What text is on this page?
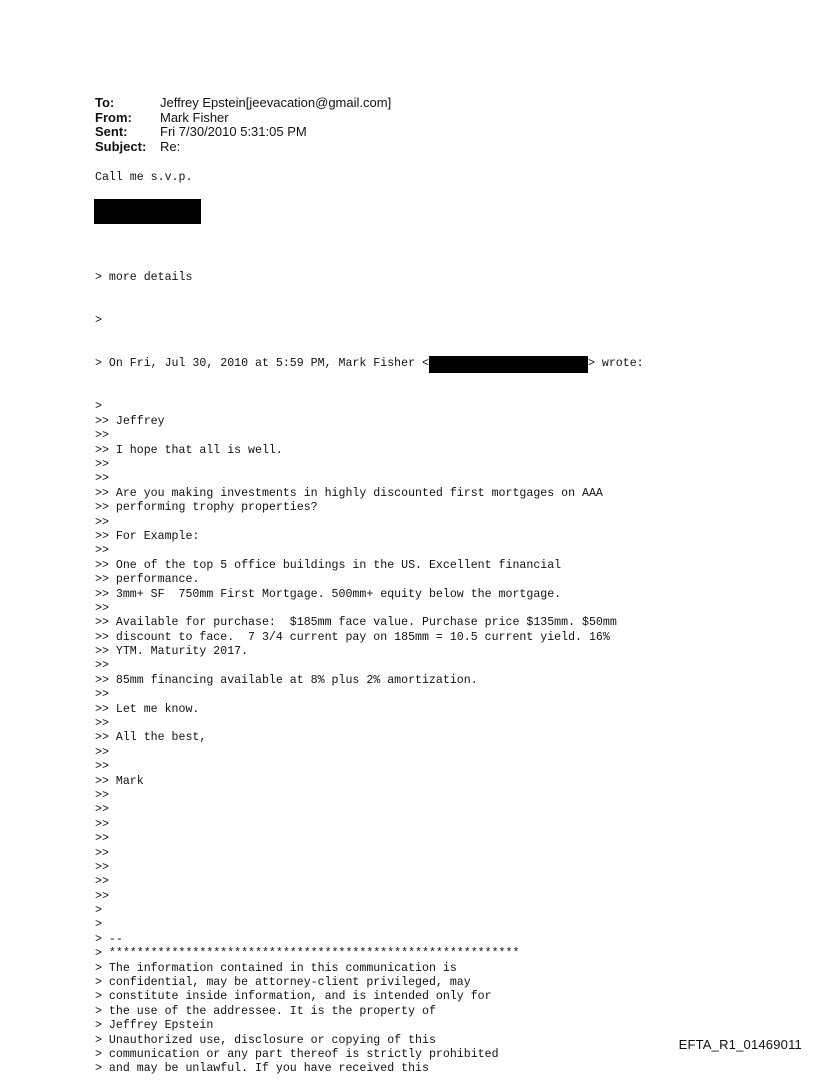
To:	Jeffrey Epstein[jeevacation@gmail.com]
From:	Mark Fisher
Sent:	Fri 7/30/2010 5:31:05 PM
Subject:	Re:
Call me s.v.p.

> more details

>

> On Fri, Jul 30, 2010 at 5:59 PM, Mark Fisher <	> wrote:

>
>> Jeffrey
>>
>> I hope that all is well.
>>
>>
>> Are you making investments in highly discounted first mortgages on AAA
>> performing trophy properties?
>>
>> For Example:
>>
>> One of the top 5 office buildings in the US. Excellent financial
>> performance.
>> 3mm+ SF  750mm First Mortgage. 500mm+ equity below the mortgage.
>>
>> Available for purchase:  $185mm face value. Purchase price $135mm. $50mm
>> discount to face.  7 3/4 current pay on 185mm = 10.5 current yield. 16%
>> YTM. Maturity 2017.
>>
>> 85mm financing available at 8% plus 2% amortization.
>>
>> Let me know.
>>
>> All the best,
>>
>>
>> Mark
>>
>>
>>
>>
>>
>>
>>
>>
>
>
> --
> ***********************************************************
> The information contained in this communication is
> confidential, may be attorney-client privileged, may
> constitute inside information, and is intended only for
> the use of the addressee. It is the property of
> Jeffrey Epstein
> Unauthorized use, disclosure or copying of this
> communication or any part thereof is strictly prohibited
> and may be unlawful. If you have received this

EFTA_R1_01469011
